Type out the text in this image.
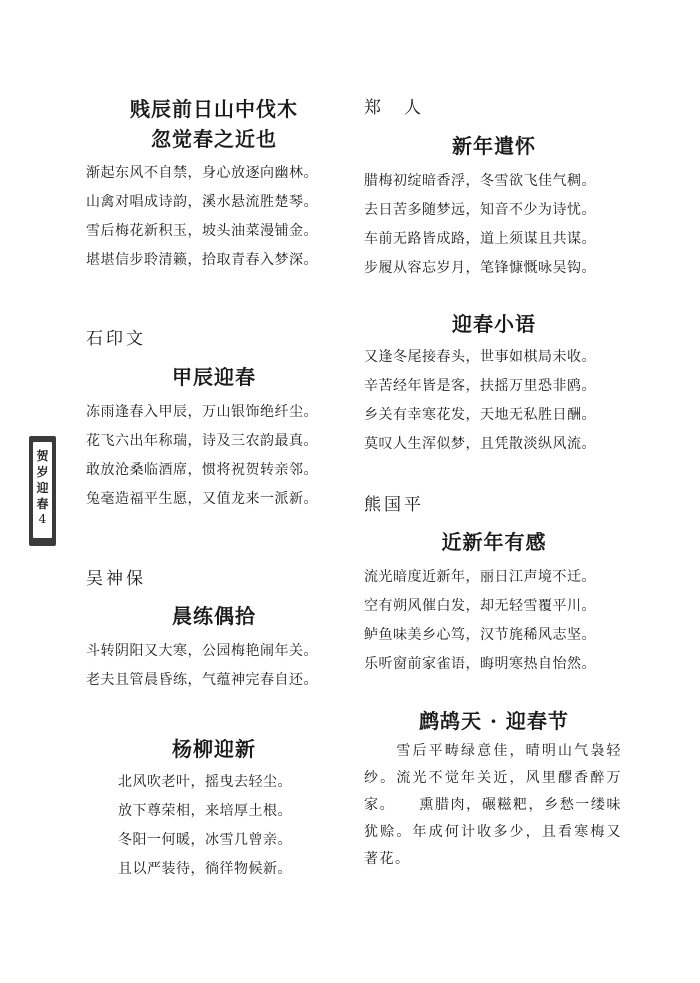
贺
岁
迎
春
4
贱辰前日山中伐木
忽觉春之近也
渐起东风不自禁，身心放逐向幽林。
山禽对唱成诗韵，溪水悬流胜楚琴。
雪后梅花新积玉，坡头油菜漫铺金。
堪堪信步聆清籁，拾取青春入梦深。
石印文
甲辰迎春
冻雨逢春入甲辰，万山银饰绝纤尘。
花飞六出年称瑞，诗及三农韵最真。
敢放沧桑临酒席，惯将祝贺转亲邻。
兔毫造福平生愿，又值龙来一派新。
吴神保
晨练偶拾
斗转阴阳又大寒，公园梅艳闹年关。
老夫且管晨昏练，气蕴神完春自还。
杨柳迎新
北风吹老叶，摇曳去轻尘。
放下尊荣相，来培厚土根。
冬阳一何暖，冰雪几曾亲。
且以严装待，徜徉物候新。
郑　人
新年遣怀
腊梅初绽暗香浮，冬雪欲飞佳气稠。
去日苦多随梦远，知音不少为诗忧。
车前无路皆成路，道上须谋且共谋。
步履从容忘岁月，笔锋慷慨咏吴钩。
迎春小语
又逢冬尾接春头，世事如棋局未收。
辛苦经年皆是客，扶摇万里恐非鸥。
乡关有幸寒花发，天地无私胜日酬。
莫叹人生浑似梦，且凭散淡纵风流。
熊国平
近新年有感
流光暗度近新年，丽日江声境不迁。
空有朔风催白发，却无轻雪覆平川。
鲈鱼味美乡心笃，汉节旄稀风志坚。
乐听窗前家雀语，晦明寒热自怡然。
鹧鸪天 · 迎春节
　　雪后平畴绿意佳，晴明山气袅轻纱。流光不觉年关近，风里醪香醉万家。　　熏腊肉，碾糍粑，乡愁一缕味犹赊。年成何计收多少，且看寒梅又著花。
